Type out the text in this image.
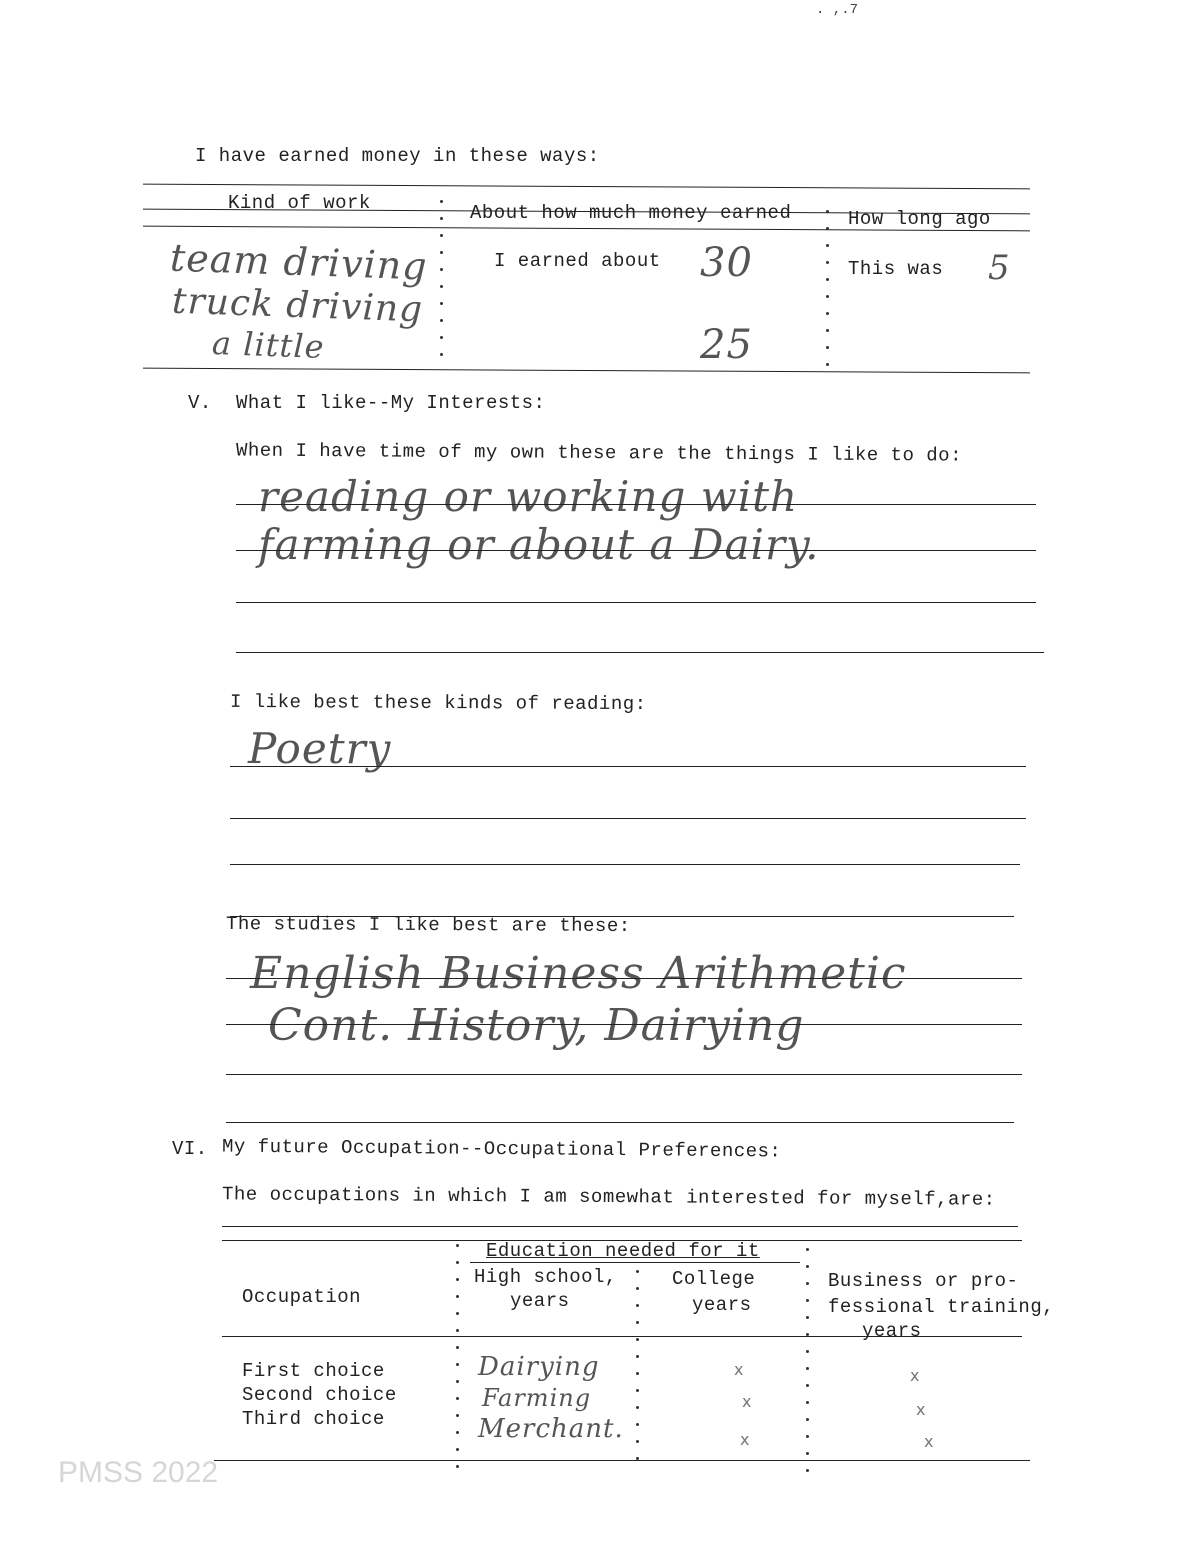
. ,.7
I have earned money in these ways:
Kind of work	About how much money earned	How long ago
team driving
truck driving
a little
I earned about 30
25
This was 5
V. What I like--My Interests:
When I have time of my own these are the things I like to do:
reading or working with
farming or about a Dairy.
I like best these kinds of reading:
Poetry
The studies I like best are these:
English Business Arithmetic
Cont. History, Dairying
VI. My future Occupation--Occupational Preferences:
The occupations in which I am somewhat interested for myself,are:
Education needed for it
Occupation
High school,
years
College
years
Business or pro-
fessional training,
years
First choice
Second choice
Third choice
Dairying
Farming
Merchant.
x
x
x
x
x
x
PMSS 2022
